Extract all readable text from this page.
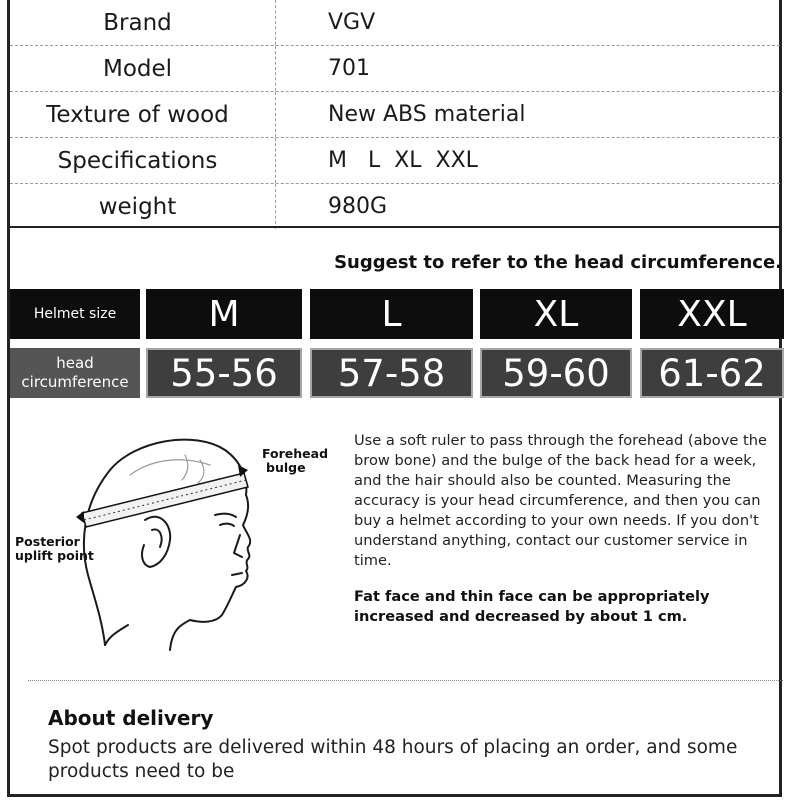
Brand	VGV
Model	701
Texture of wood	New ABS material
Specifications	M   L  XL  XXL
weight	980G
Suggest to refer to the head circumference.
Helmet size	M	L	XL	XXL
head
circumference	55-56	57-58	59-60	61-62
Forehead
bulge
Posterior
uplift point
Use a soft ruler to pass through the forehead (above the brow bone) and the bulge of the back head for a week, and the hair should also be counted. Measuring the accuracy is your head circumference, and then you can buy a helmet according to your own needs. If you don't understand anything, contact our customer service in time.
Fat face and thin face can be appropriately increased and decreased by about 1 cm.
About delivery
Spot products are delivered within 48 hours of placing an order, and some products need to be
